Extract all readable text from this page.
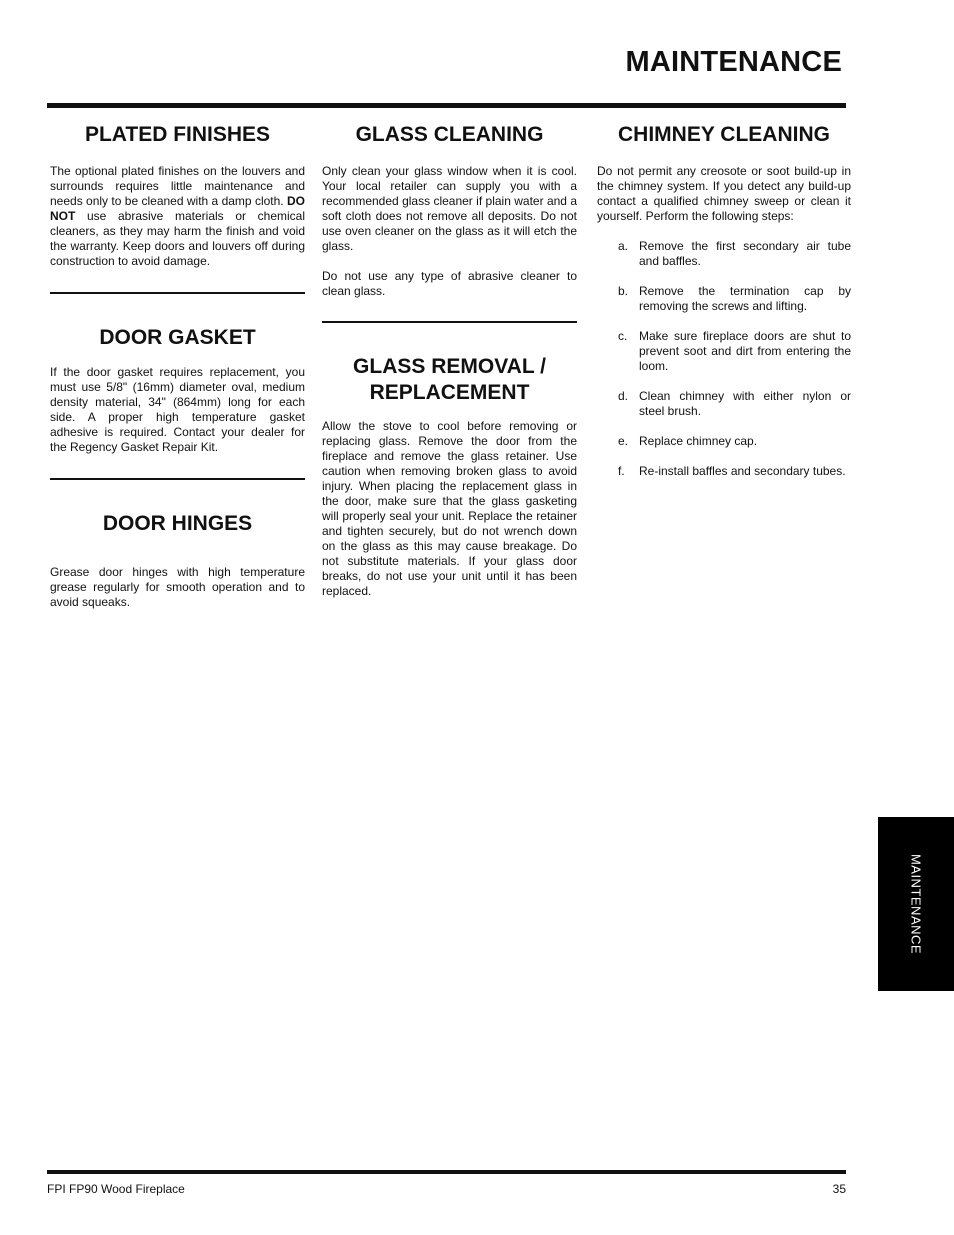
MAINTENANCE
PLATED FINISHES

The optional plated finishes on the louvers and surrounds requires little maintenance and needs only to be cleaned with a damp cloth. DO NOT use abrasive materials or chemical cleaners, as they may harm the finish and void the warranty. Keep doors and louvers off during construction to avoid damage.

DOOR GASKET

If the door gasket requires replacement, you must use 5/8" (16mm) diameter oval, medium density material, 34" (864mm) long for each side. A proper high temperature gasket adhesive is required. Contact your dealer for the Regency Gasket Repair Kit.

DOOR HINGES

Grease door hinges with high temperature grease regularly for smooth operation and to avoid squeaks.

GLASS CLEANING

Only clean your glass window when it is cool. Your local retailer can supply you with a recommended glass cleaner if plain water and a soft cloth does not remove all deposits. Do not use oven cleaner on the glass as it will etch the glass.

Do not use any type of abrasive cleaner to clean glass.

GLASS REMOVAL / REPLACEMENT

Allow the stove to cool before removing or replacing glass. Remove the door from the fireplace and remove the glass retainer. Use caution when removing broken glass to avoid injury. When placing the replacement glass in the door, make sure that the glass gasketing will properly seal your unit. Replace the retainer and tighten securely, but do not wrench down on the glass as this may cause breakage. Do not substitute materials. If your glass door breaks, do not use your unit until it has been replaced.

CHIMNEY CLEANING

Do not permit any creosote or soot build-up in the chimney system. If you detect any build-up contact a qualified chimney sweep or clean it yourself. Perform the following steps:

a. Remove the first secondary air tube and baffles.
b. Remove the termination cap by removing the screws and lifting.
c. Make sure fireplace doors are shut to prevent soot and dirt from entering the loom.
d. Clean chimney with either nylon or steel brush.
e. Replace chimney cap.
f.	Re-install baffles and secondary tubes.
MAINTENANCE
FPI FP90 Wood Fireplace	35
